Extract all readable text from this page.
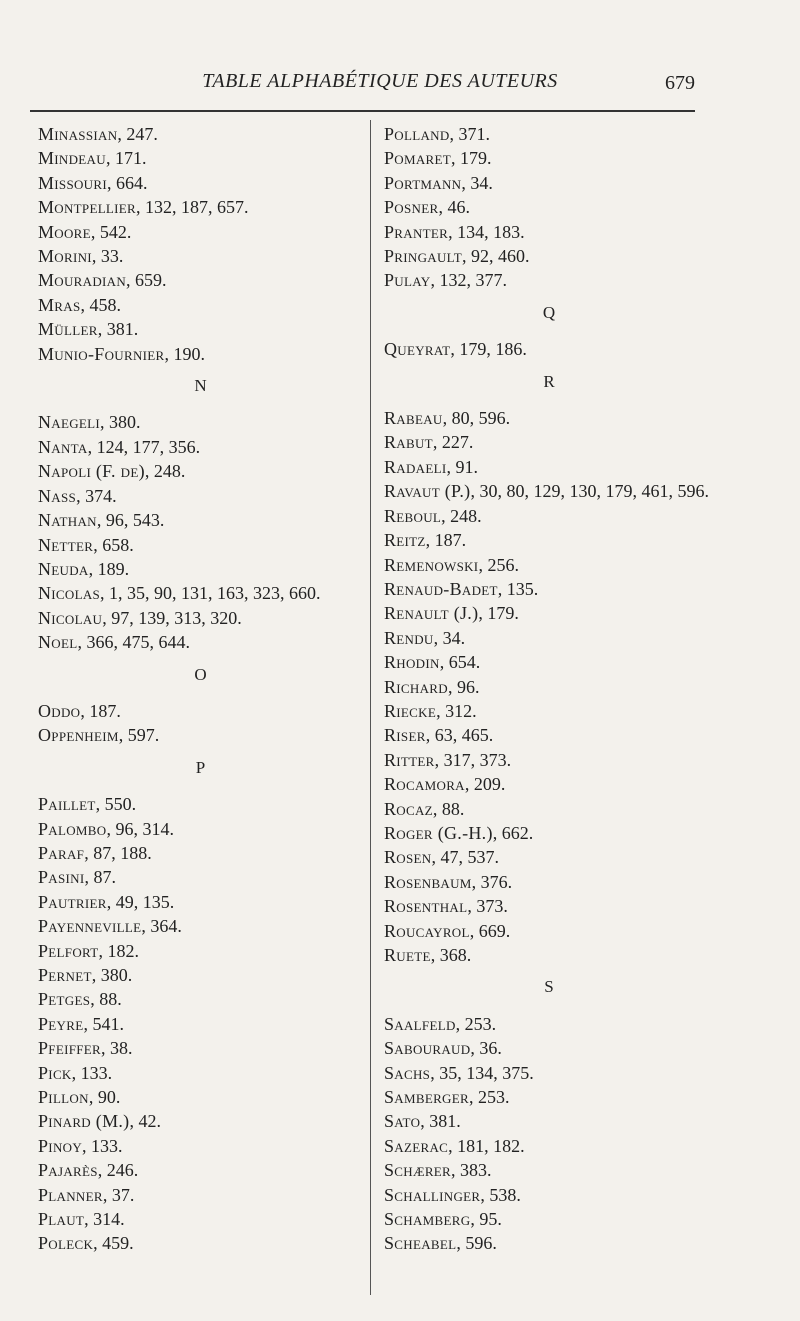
TABLE ALPHABÉTIQUE DES AUTEURS	679
Minassian, 247.
Mindeau, 171.
Missouri, 664.
Montpellier, 132, 187, 657.
Moore, 542.
Morini, 33.
Mouradian, 659.
Mras, 458.
Müller, 381.
Munio-Fournier, 190.
N
Naegeli, 380.
Nanta, 124, 177, 356.
Napoli (F. de), 248.
Nass, 374.
Nathan, 96, 543.
Netter, 658.
Neuda, 189.
Nicolas, 1, 35, 90, 131, 163, 323, 660.
Nicolau, 97, 139, 313, 320.
Noel, 366, 475, 644.
O
Oddo, 187.
Oppenheim, 597.
P
Paillet, 550.
Palombo, 96, 314.
Paraf, 87, 188.
Pasini, 87.
Pautrier, 49, 135.
Payenneville, 364.
Pelfort, 182.
Pernet, 380.
Petges, 88.
Peyre, 541.
Pfeiffer, 38.
Pick, 133.
Pillon, 90.
Pinard (M.), 42.
Pinoy, 133.
Pajarès, 246.
Planner, 37.
Plaut, 314.
Poleck, 459.
Polland, 371.
Pomaret, 179.
Portmann, 34.
Posner, 46.
Pranter, 134, 183.
Pringault, 92, 460.
Pulay, 132, 377.
Q
Queyrat, 179, 186.
R
Rabeau, 80, 596.
Rabut, 227.
Radaeli, 91.
Ravaut (P.), 30, 80, 129, 130, 179, 461, 596.
Reboul, 248.
Reitz, 187.
Remenowski, 256.
Renaud-Badet, 135.
Renault (J.), 179.
Rendu, 34.
Rhodin, 654.
Richard, 96.
Riecke, 312.
Riser, 63, 465.
Ritter, 317, 373.
Rocamora, 209.
Rocaz, 88.
Roger (G.-H.), 662.
Rosen, 47, 537.
Rosenbaum, 376.
Rosenthal, 373.
Roucayrol, 669.
Ruete, 368.
S
Saalfeld, 253.
Sabouraud, 36.
Sachs, 35, 134, 375.
Samberger, 253.
Sato, 381.
Sazerac, 181, 182.
Schærer, 383.
Schallinger, 538.
Schamberg, 95.
Scheabel, 596.
